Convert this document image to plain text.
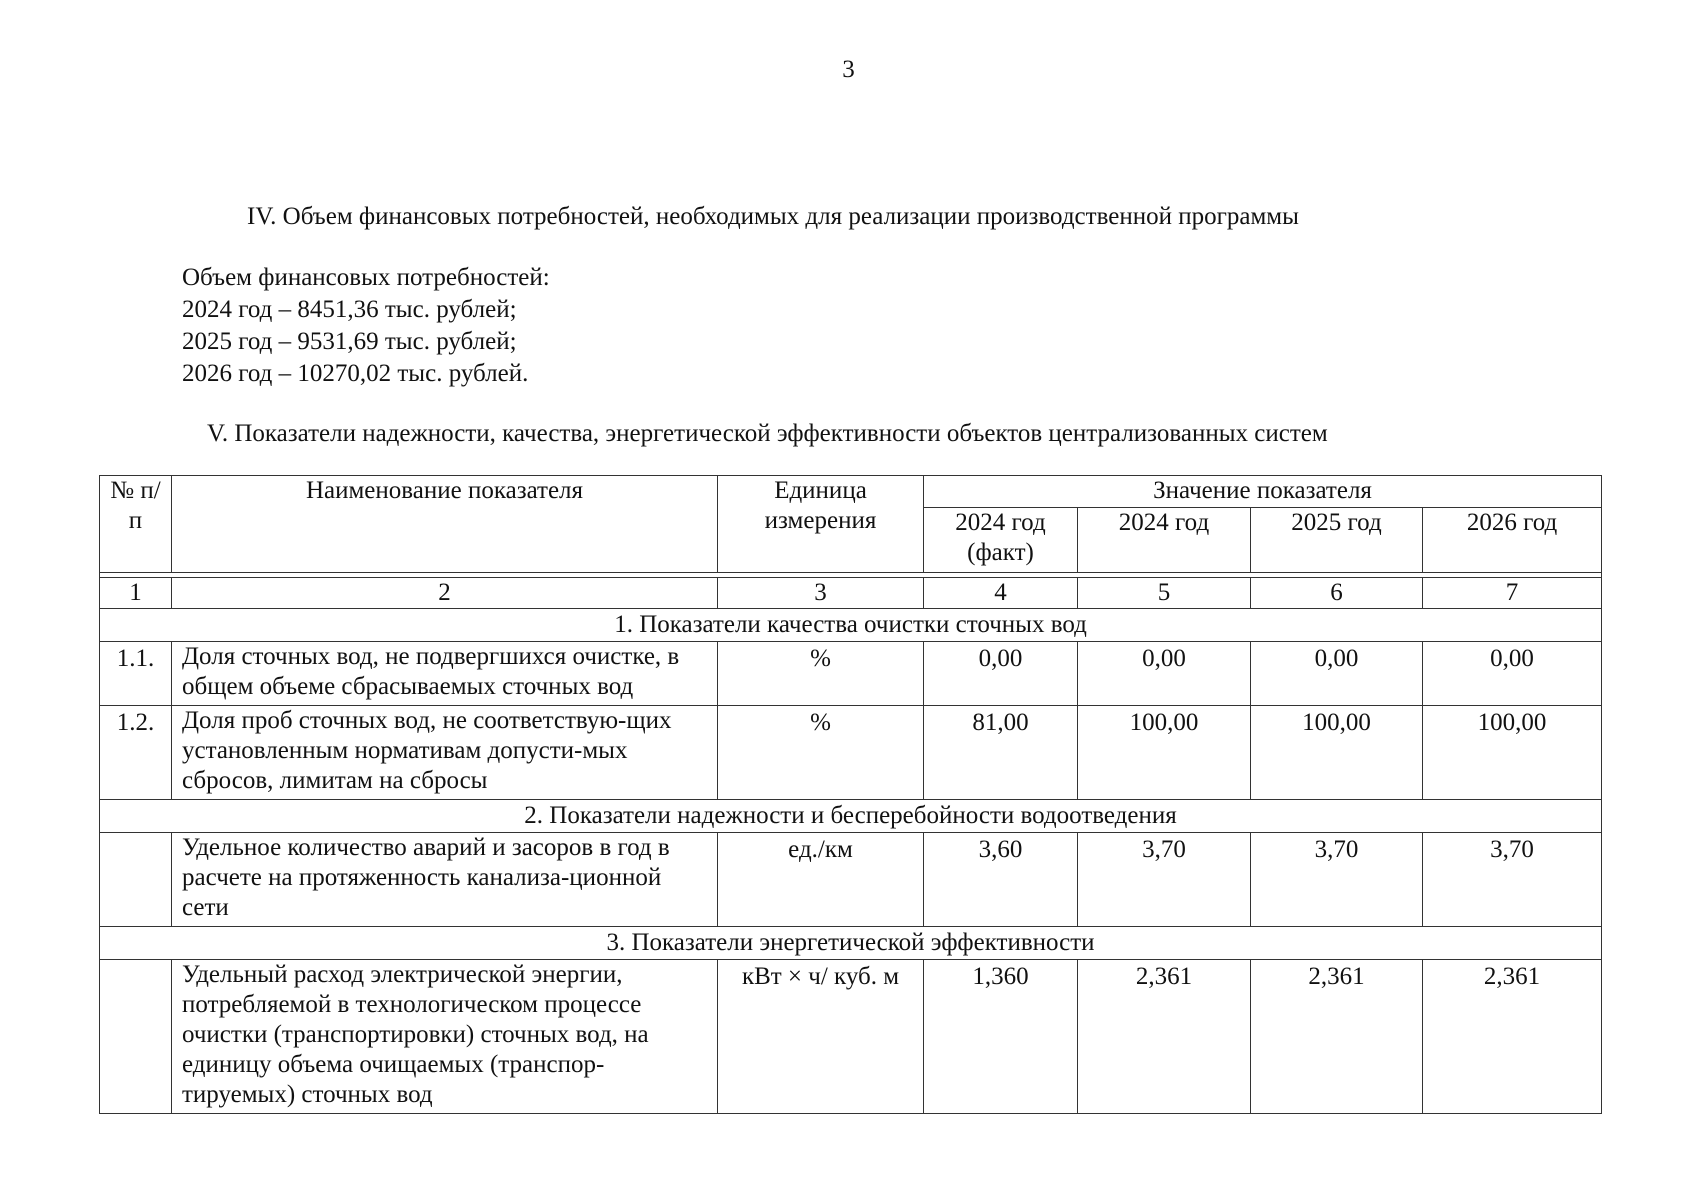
3
IV. Объем финансовых потребностей, необходимых для реализации производственной программы
Объем финансовых потребностей:
2024 год – 8451,36 тыс. рублей;
2025 год – 9531,69 тыс. рублей;
2026 год – 10270,02 тыс. рублей.
V. Показатели надежности, качества, энергетической эффективности объектов централизованных систем
№ п/п	Наименование показателя	Единица измерения	Значение показателя			
			2024 год (факт)	2024 год	2025 год	2026 год

1	2	3	4	5	6	7
1. Показатели качества очистки сточных вод						
1.1.	Доля сточных вод, не подвергшихся очистке, в общем объеме сбрасываемых сточных вод	%	0,00	0,00	0,00	0,00
1.2.	Доля проб сточных вод, не соответствую-щих установленным нормативам допусти-мых сбросов, лимитам на сбросы	%	81,00	100,00	100,00	100,00
2. Показатели надежности и бесперебойности водоотведения						
	Удельное количество аварий и засоров в год в расчете на протяженность канализа-ционной сети	ед./км	3,60	3,70	3,70	3,70
3. Показатели энергетической эффективности						
	Удельный расход электрической энергии, потребляемой в технологическом процессе очистки (транспортировки) сточных вод, на единицу объема очищаемых (транспор-тируемых) сточных вод	кВт × ч/ куб. м	1,360	2,361	2,361	2,361
